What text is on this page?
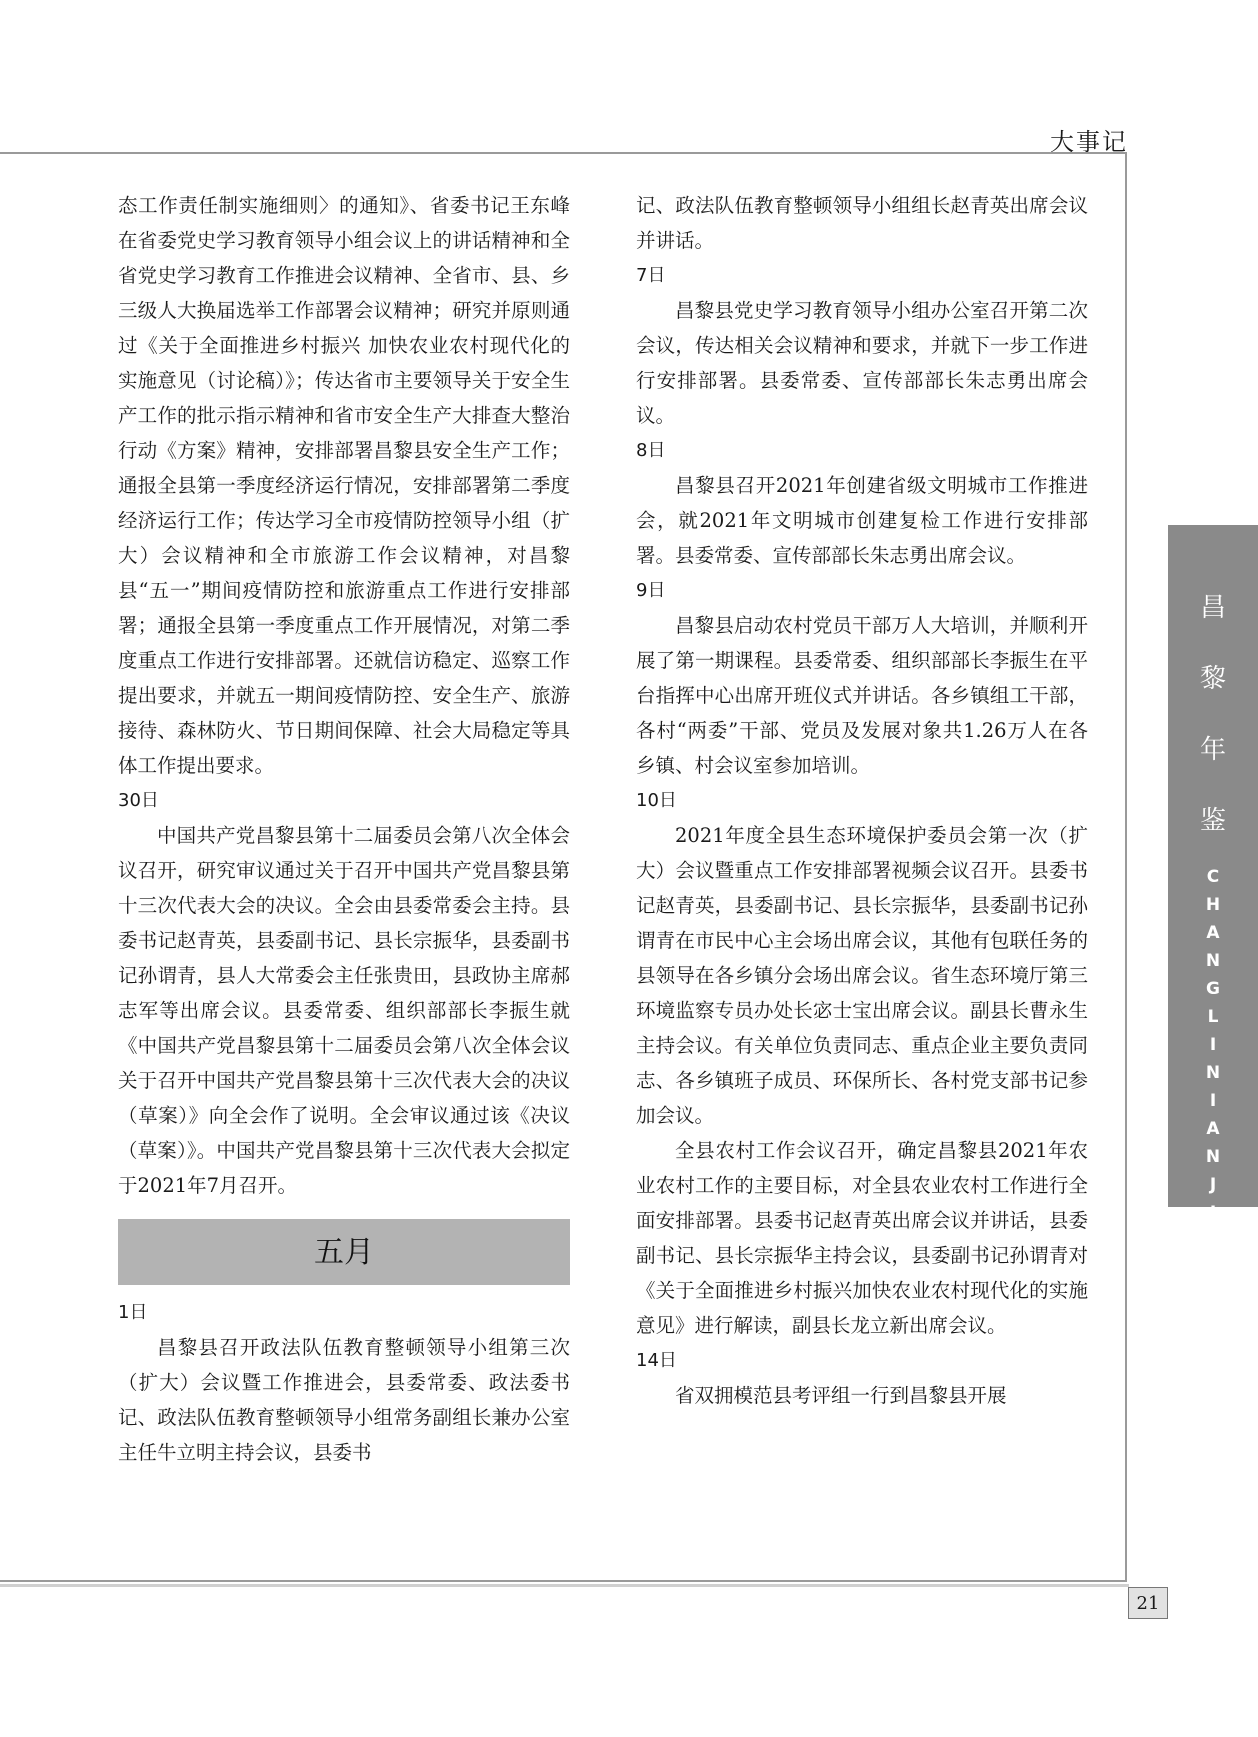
大事记

态工作责任制实施细则〉的通知》、省委书记王东峰在省委党史学习教育领导小组会议上的讲话精神和全省党史学习教育工作推进会议精神、全省市、县、乡三级人大换届选举工作部署会议精神；研究并原则通过《关于全面推进乡村振兴 加快农业农村现代化的实施意见（讨论稿）》；传达省市主要领导关于安全生产工作的批示指示精神和省市安全生产大排查大整治行动《方案》精神，安排部署昌黎县安全生产工作；通报全县第一季度经济运行情况，安排部署第二季度经济运行工作；传达学习全市疫情防控领导小组（扩大）会议精神和全市旅游工作会议精神，对昌黎县“五一”期间疫情防控和旅游重点工作进行安排部署；通报全县第一季度重点工作开展情况，对第二季度重点工作进行安排部署。还就信访稳定、巡察工作提出要求，并就五一期间疫情防控、安全生产、旅游接待、森林防火、节日期间保障、社会大局稳定等具体工作提出要求。

30日

中国共产党昌黎县第十二届委员会第八次全体会议召开，研究审议通过关于召开中国共产党昌黎县第十三次代表大会的决议。全会由县委常委会主持。县委书记赵青英，县委副书记、县长宗振华，县委副书记孙谓青，县人大常委会主任张贵田，县政协主席郝志军等出席会议。县委常委、组织部部长李振生就《中国共产党昌黎县第十二届委员会第八次全体会议关于召开中国共产党昌黎县第十三次代表大会的决议（草案）》向全会作了说明。全会审议通过该《决议（草案）》。中国共产党昌黎县第十三次代表大会拟定于2021年7月召开。

五月
1日

昌黎县召开政法队伍教育整顿领导小组第三次（扩大）会议暨工作推进会，县委常委、政法委书记、政法队伍教育整顿领导小组常务副组长兼办公室主任牛立明主持会议，县委书

记、政法队伍教育整顿领导小组组长赵青英出席会议并讲话。

7日

昌黎县党史学习教育领导小组办公室召开第二次会议，传达相关会议精神和要求，并就下一步工作进行安排部署。县委常委、宣传部部长朱志勇出席会议。

8日

昌黎县召开2021年创建省级文明城市工作推进会，就2021年文明城市创建复检工作进行安排部署。县委常委、宣传部部长朱志勇出席会议。

9日

昌黎县启动农村党员干部万人大培训，并顺利开展了第一期课程。县委常委、组织部部长李振生在平台指挥中心出席开班仪式并讲话。各乡镇组工干部，各村“两委”干部、党员及发展对象共1.26万人在各乡镇、村会议室参加培训。

10日

2021年度全县生态环境保护委员会第一次（扩大）会议暨重点工作安排部署视频会议召开。县委书记赵青英，县委副书记、县长宗振华，县委副书记孙谓青在市民中心主会场出席会议，其他有包联任务的县领导在各乡镇分会场出席会议。省生态环境厅第三环境监察专员办处长宓士宝出席会议。副县长曹永生主持会议。有关单位负责同志、重点企业主要负责同志、各乡镇班子成员、环保所长、各村党支部书记参加会议。

全县农村工作会议召开，确定昌黎县2021年农业农村工作的主要目标，对全县农业农村工作进行全面安排部署。县委书记赵青英出席会议并讲话，县委副书记、县长宗振华主持会议，县委副书记孙谓青对《关于全面推进乡村振兴加快农业农村现代化的实施意见》进行解读，副县长龙立新出席会议。

14日

省双拥模范县考评组一行到昌黎县开展

昌
黎
年
鉴
CHANGLINIANJIAN
21
